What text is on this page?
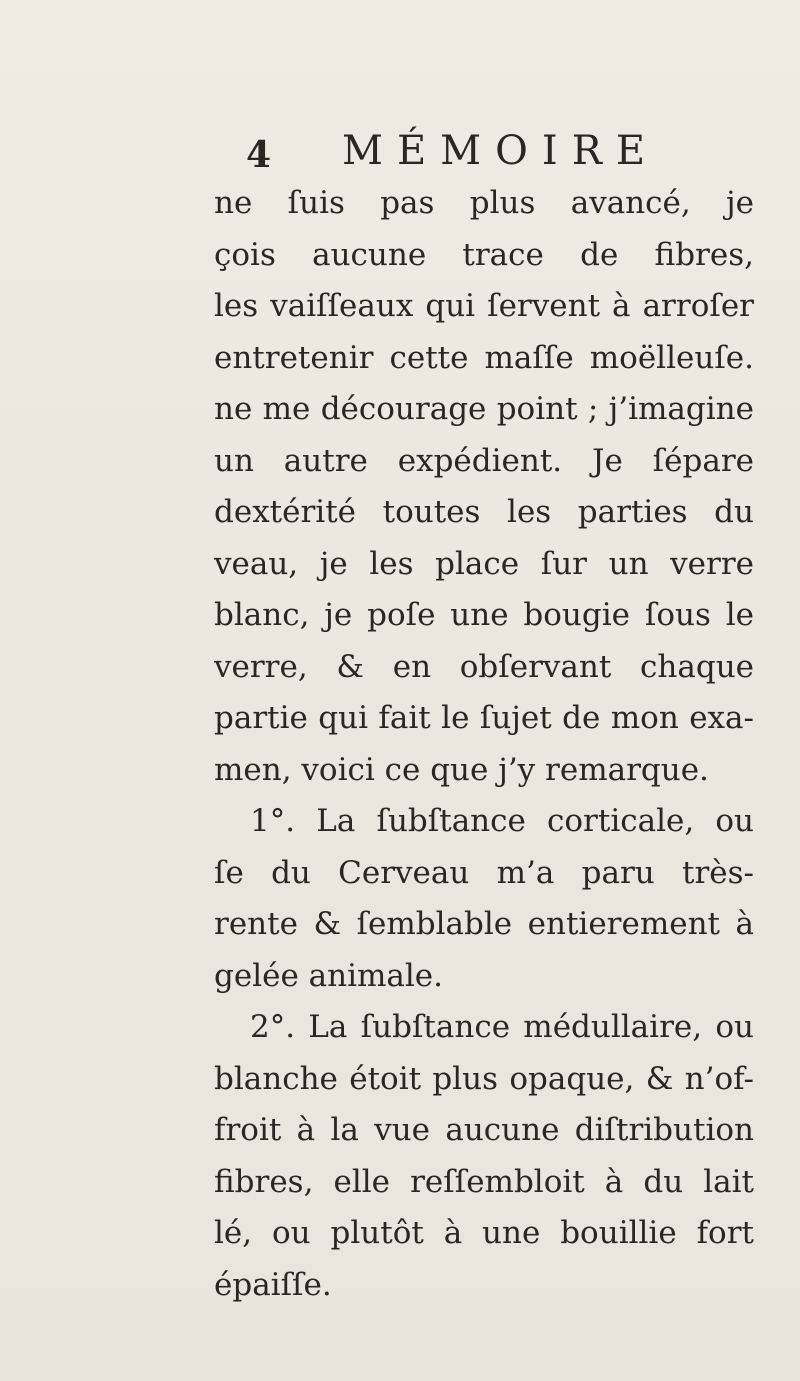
4 MÉMOIRE
ne ſuis pas plus avancé, je
çois aucune trace de fibres,
les vaiſſeaux qui ſervent à arroſer
entretenir cette maſſe moëlleuſe.
ne me décourage point ; j’imagine
un autre expédient. Je ſépare
dextérité toutes les parties du
veau, je les place ſur un verre
blanc, je poſe une bougie ſous le
verre, & en obſervant chaque
partie qui fait le ſujet de mon exa-
men, voici ce que j’y remarque.
1°. La ſubſtance corticale, ou
ſe du Cerveau m’a paru très-
rente & ſemblable entierement à
gelée animale.
2°. La ſubſtance médullaire, ou
blanche étoit plus opaque, & n’of-
froit à la vue aucune diſtribution
fibres, elle reſſembloit à du lait
lé, ou plutôt à une bouillie fort
épaiſſe.
